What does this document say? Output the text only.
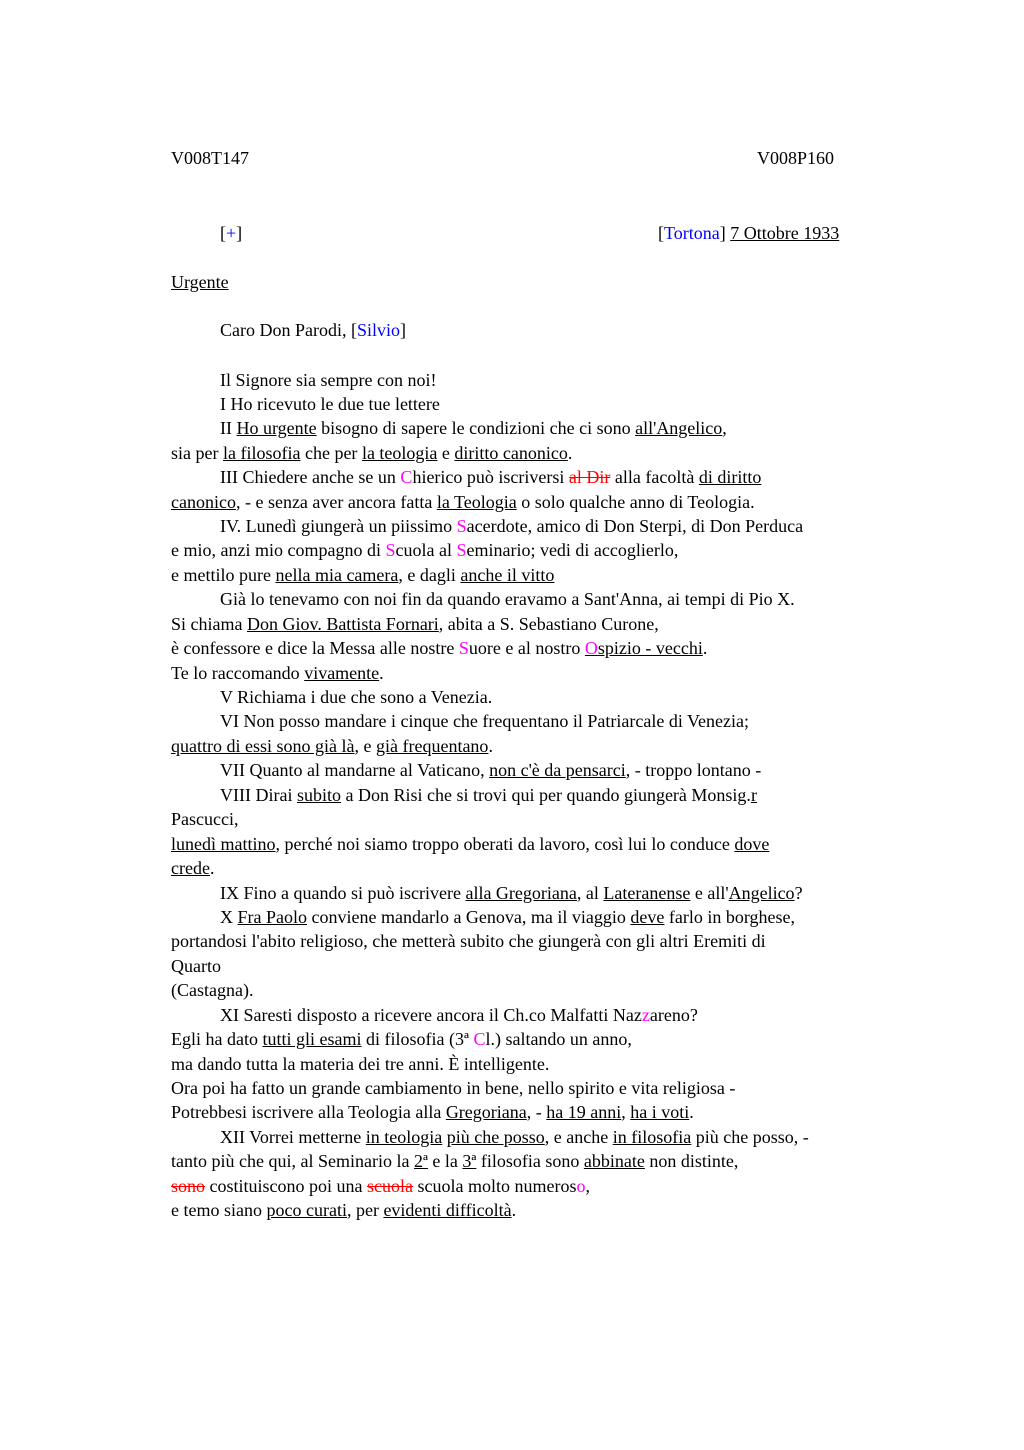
V008T147	V008P160
[+]	[Tortona] 7 Ottobre 1933
Urgente
Caro Don Parodi, [Silvio]
Il Signore sia sempre con noi!
I Ho ricevuto le due tue lettere
II Ho urgente bisogno di sapere le condizioni che ci sono all'Angelico,
sia per la filosofia che per la teologia e diritto canonico.
III Chiedere anche se un Chierico può iscriversi al Dir alla facoltà di diritto
canonico, - e senza aver ancora fatta la Teologia o solo qualche anno di Teologia.
IV. Lunedì giungerà un piissimo Sacerdote, amico di Don Sterpi, di Don Perduca
e mio, anzi mio compagno di Scuola al Seminario; vedi di accoglierlo,
e mettilo pure nella mia camera, e dagli anche il vitto
Già lo tenevamo con noi fin da quando eravamo a Sant'Anna, ai tempi di Pio X.
Si chiama Don Giov. Battista Fornari, abita a S. Sebastiano Curone,
è confessore e dice la Messa alle nostre Suore e al nostro Ospizio - vecchi.
Te lo raccomando vivamente.
V Richiama i due che sono a Venezia.
VI Non posso mandare i cinque che frequentano il Patriarcale di Venezia;
quattro di essi sono già là, e già frequentano.
VII Quanto al mandarne al Vaticano, non c'è da pensarci, - troppo lontano -
VIII Dirai subito a Don Risi che si trovi qui per quando giungerà Monsig.r
Pascucci,
lunedì mattino, perché noi siamo troppo oberati da lavoro, così lui lo conduce dove
crede.
IX Fino a quando si può iscrivere alla Gregoriana, al Lateranense e all'Angelico?
X Fra Paolo conviene mandarlo a Genova, ma il viaggio deve farlo in borghese,
portandosi l'abito religioso, che metterà subito che giungerà con gli altri Eremiti di
Quarto
(Castagna).
XI Saresti disposto a ricevere ancora il Ch.co Malfatti Nazzareno?
Egli ha dato tutti gli esami di filosofia (3ª Cl.) saltando un anno,
ma dando tutta la materia dei tre anni. È intelligente.
Ora poi ha fatto un grande cambiamento in bene, nello spirito e vita religiosa -
Potrebbesi iscrivere alla Teologia alla Gregoriana, - ha 19 anni, ha i voti.
XII Vorrei metterne in teologia più che posso, e anche in filosofia più che posso, -
tanto più che qui, al Seminario la 2ª e la 3ª filosofia sono abbinate non distinte,
sono costituiscono poi una scuola scuola molto numeroso,
e temo siano poco curati, per evidenti difficoltà.
